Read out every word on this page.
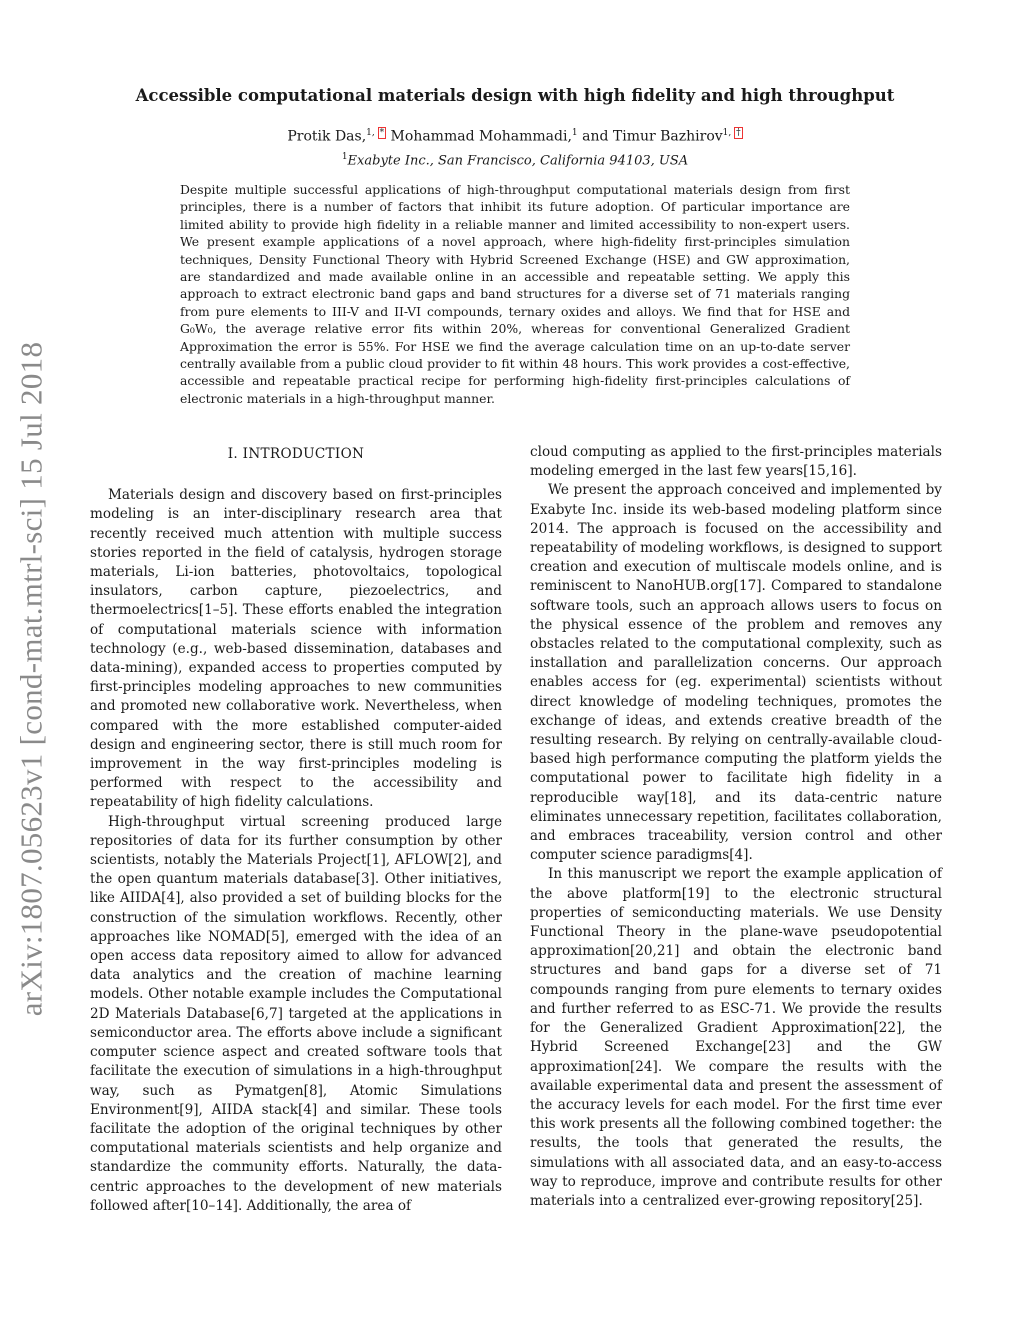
arXiv:1807.05623v1 [cond-mat.mtrl-sci] 15 Jul 2018
Accessible computational materials design with high fidelity and high throughput
Protik Das,$^{1, *}$ Mohammad Mohammadi,$^1$ and Timur Bazhirov$^{1, \dagger}$
$^1$Exabyte Inc., San Francisco, California 94103, USA
Despite multiple successful applications of high-throughput computational materials design from first principles, there is a number of factors that inhibit its future adoption. Of particular importance are limited ability to provide high fidelity in a reliable manner and limited accessibility to non-expert users. We present example applications of a novel approach, where high-fidelity first-principles simulation techniques, Density Functional Theory with Hybrid Screened Exchange (HSE) and GW approximation, are standardized and made available online in an accessible and repeatable setting. We apply this approach to extract electronic band gaps and band structures for a diverse set of 71 materials ranging from pure elements to III-V and II-VI compounds, ternary oxides and alloys. We find that for HSE and G₀W₀, the average relative error fits within 20%, whereas for conventional Generalized Gradient Approximation the error is 55%. For HSE we find the average calculation time on an up-to-date server centrally available from a public cloud provider to fit within 48 hours. This work provides a cost-effective, accessible and repeatable practical recipe for performing high-fidelity first-principles calculations of electronic materials in a high-throughput manner.
I. INTRODUCTION

Materials design and discovery based on first-principles modeling is an inter-disciplinary research area that recently received much attention with multiple success stories reported in the field of catalysis, hydrogen storage materials, Li-ion batteries, photovoltaics, topological insulators, carbon capture, piezoelectrics, and thermoelectrics[1–5]. These efforts enabled the integration of computational materials science with information technology (e.g., web-based dissemination, databases and data-mining), expanded access to properties computed by first-principles modeling approaches to new communities and promoted new collaborative work. Nevertheless, when compared with the more established computer-aided design and engineering sector, there is still much room for improvement in the way first-principles modeling is performed with respect to the accessibility and repeatability of high fidelity calculations.

High-throughput virtual screening produced large repositories of data for its further consumption by other scientists, notably the Materials Project[1], AFLOW[2], and the open quantum materials database[3]. Other initiatives, like AIIDA[4], also provided a set of building blocks for the construction of the simulation workflows. Recently, other approaches like NOMAD[5], emerged with the idea of an open access data repository aimed to allow for advanced data analytics and the creation of machine learning models. Other notable example includes the Computational 2D Materials Database[6,7] targeted at the applications in semiconductor area. The efforts above include a significant computer science aspect and created software tools that facilitate the execution of simulations in a high-throughput way, such as Pymatgen[8], Atomic Simulations Environment[9], AIIDA stack[4] and similar. These tools facilitate the adoption of the original techniques by other computational materials scientists and help organize and standardize the community efforts. Naturally, the data-centric approaches to the development of new materials followed after[10–14]. Additionally, the area of

cloud computing as applied to the first-principles materials modeling emerged in the last few years[15,16].

We present the approach conceived and implemented by Exabyte Inc. inside its web-based modeling platform since 2014. The approach is focused on the accessibility and repeatability of modeling workflows, is designed to support creation and execution of multiscale models online, and is reminiscent to NanoHUB.org[17]. Compared to standalone software tools, such an approach allows users to focus on the physical essence of the problem and removes any obstacles related to the computational complexity, such as installation and parallelization concerns. Our approach enables access for (eg. experimental) scientists without direct knowledge of modeling techniques, promotes the exchange of ideas, and extends creative breadth of the resulting research. By relying on centrally-available cloud-based high performance computing the platform yields the computational power to facilitate high fidelity in a reproducible way[18], and its data-centric nature eliminates unnecessary repetition, facilitates collaboration, and embraces traceability, version control and other computer science paradigms[4].

In this manuscript we report the example application of the above platform[19] to the electronic structural properties of semiconducting materials. We use Density Functional Theory in the plane-wave pseudopotential approximation[20,21] and obtain the electronic band structures and band gaps for a diverse set of 71 compounds ranging from pure elements to ternary oxides and further referred to as ESC-71. We provide the results for the Generalized Gradient Approximation[22], the Hybrid Screened Exchange[23] and the GW approximation[24]. We compare the results with the available experimental data and present the assessment of the accuracy levels for each model. For the first time ever this work presents all the following combined together: the results, the tools that generated the results, the simulations with all associated data, and an easy-to-access way to reproduce, improve and contribute results for other materials into a centralized ever-growing repository[25].
